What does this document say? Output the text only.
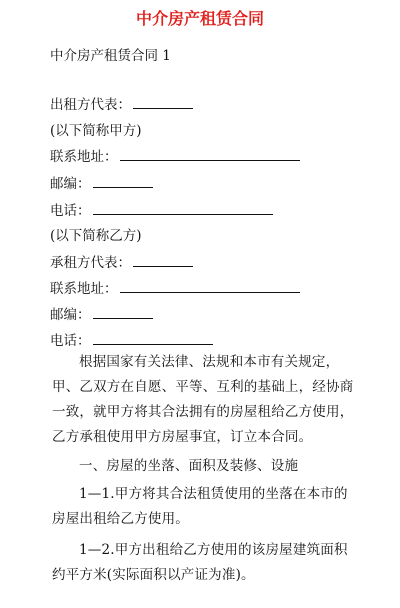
中介房产租赁合同
中介房产租赁合同 1
出租方代表：
(以下简称甲方)
联系地址：
邮编：
电话：
(以下简称乙方)
承租方代表：
联系地址：
邮编：
电话：
根据国家有关法律、法规和本市有关规定，甲、乙双方在自愿、平等、互利的基础上，经协商一致，就甲方将其合法拥有的房屋租给乙方使用，乙方承租使用甲方房屋事宜，订立本合同。
一、房屋的坐落、面积及装修、设施
1—1.甲方将其合法租赁使用的坐落在本市的房屋出租给乙方使用。
1—2.甲方出租给乙方使用的该房屋建筑面积约平方米(实际面积以产证为准)。
